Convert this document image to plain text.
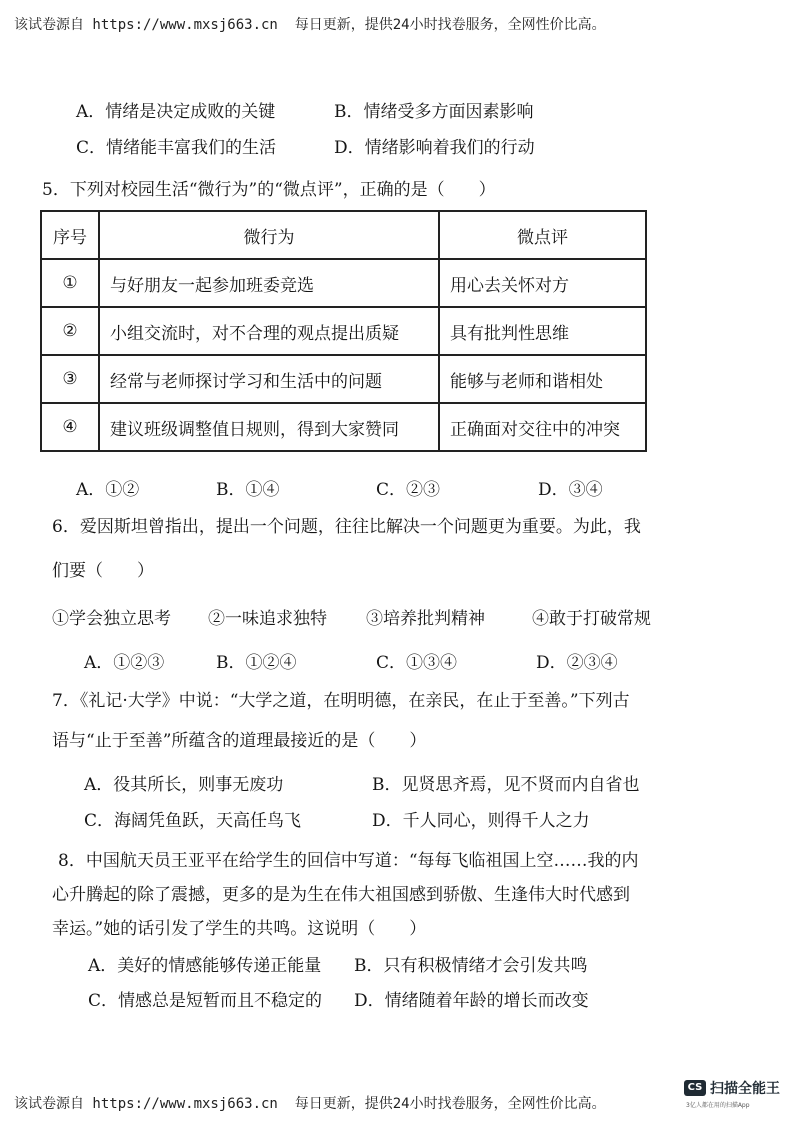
该试卷源自 https://www.mxsj663.cn  每日更新，提供24小时找卷服务，全网性价比高。
A．情绪是决定成败的关键	B．情绪受多方面因素影响
C．情绪能丰富我们的生活	D．情绪影响着我们的行动
5．下列对校园生活“微行为”的“微点评”，正确的是（　　）
序号	微行为	微点评
①	与好朋友一起参加班委竞选	用心去关怀对方
②	小组交流时，对不合理的观点提出质疑	具有批判性思维
③	经常与老师探讨学习和生活中的问题	能够与老师和谐相处
④	建议班级调整值日规则，得到大家赞同	正确面对交往中的冲突
A．①②	B．①④	C．②③	D．③④
6．爱因斯坦曾指出，提出一个问题，往往比解决一个问题更为重要。为此，我
们要（　　）
①学会独立思考 ②一味追求独特 ③培养批判精神	④敢于打破常规
A．①②③	B．①②④	C．①③④	D．②③④
7．《礼记·大学》中说：“大学之道，在明明德，在亲民，在止于至善。”下列古
语与“止于至善”所蕴含的道理最接近的是（　　）
A．役其所长，则事无废功	B．见贤思齐焉，见不贤而内自省也
C．海阔凭鱼跃，天高任鸟飞	D．千人同心，则得千人之力
8．中国航天员王亚平在给学生的回信中写道：“每每飞临祖国上空……我的内
心升腾起的除了震撼，更多的是为生在伟大祖国感到骄傲、生逢伟大时代感到
幸运。”她的话引发了学生的共鸣。这说明（　　）
A．美好的情感能够传递正能量 B．只有积极情绪才会引发共鸣
C．情感总是短暂而且不稳定的 D．情绪随着年龄的增长而改变
该试卷源自 https://www.mxsj663.cn  每日更新，提供24小时找卷服务，全网性价比高。
CS 扫描全能王
3亿人都在用的扫描App
